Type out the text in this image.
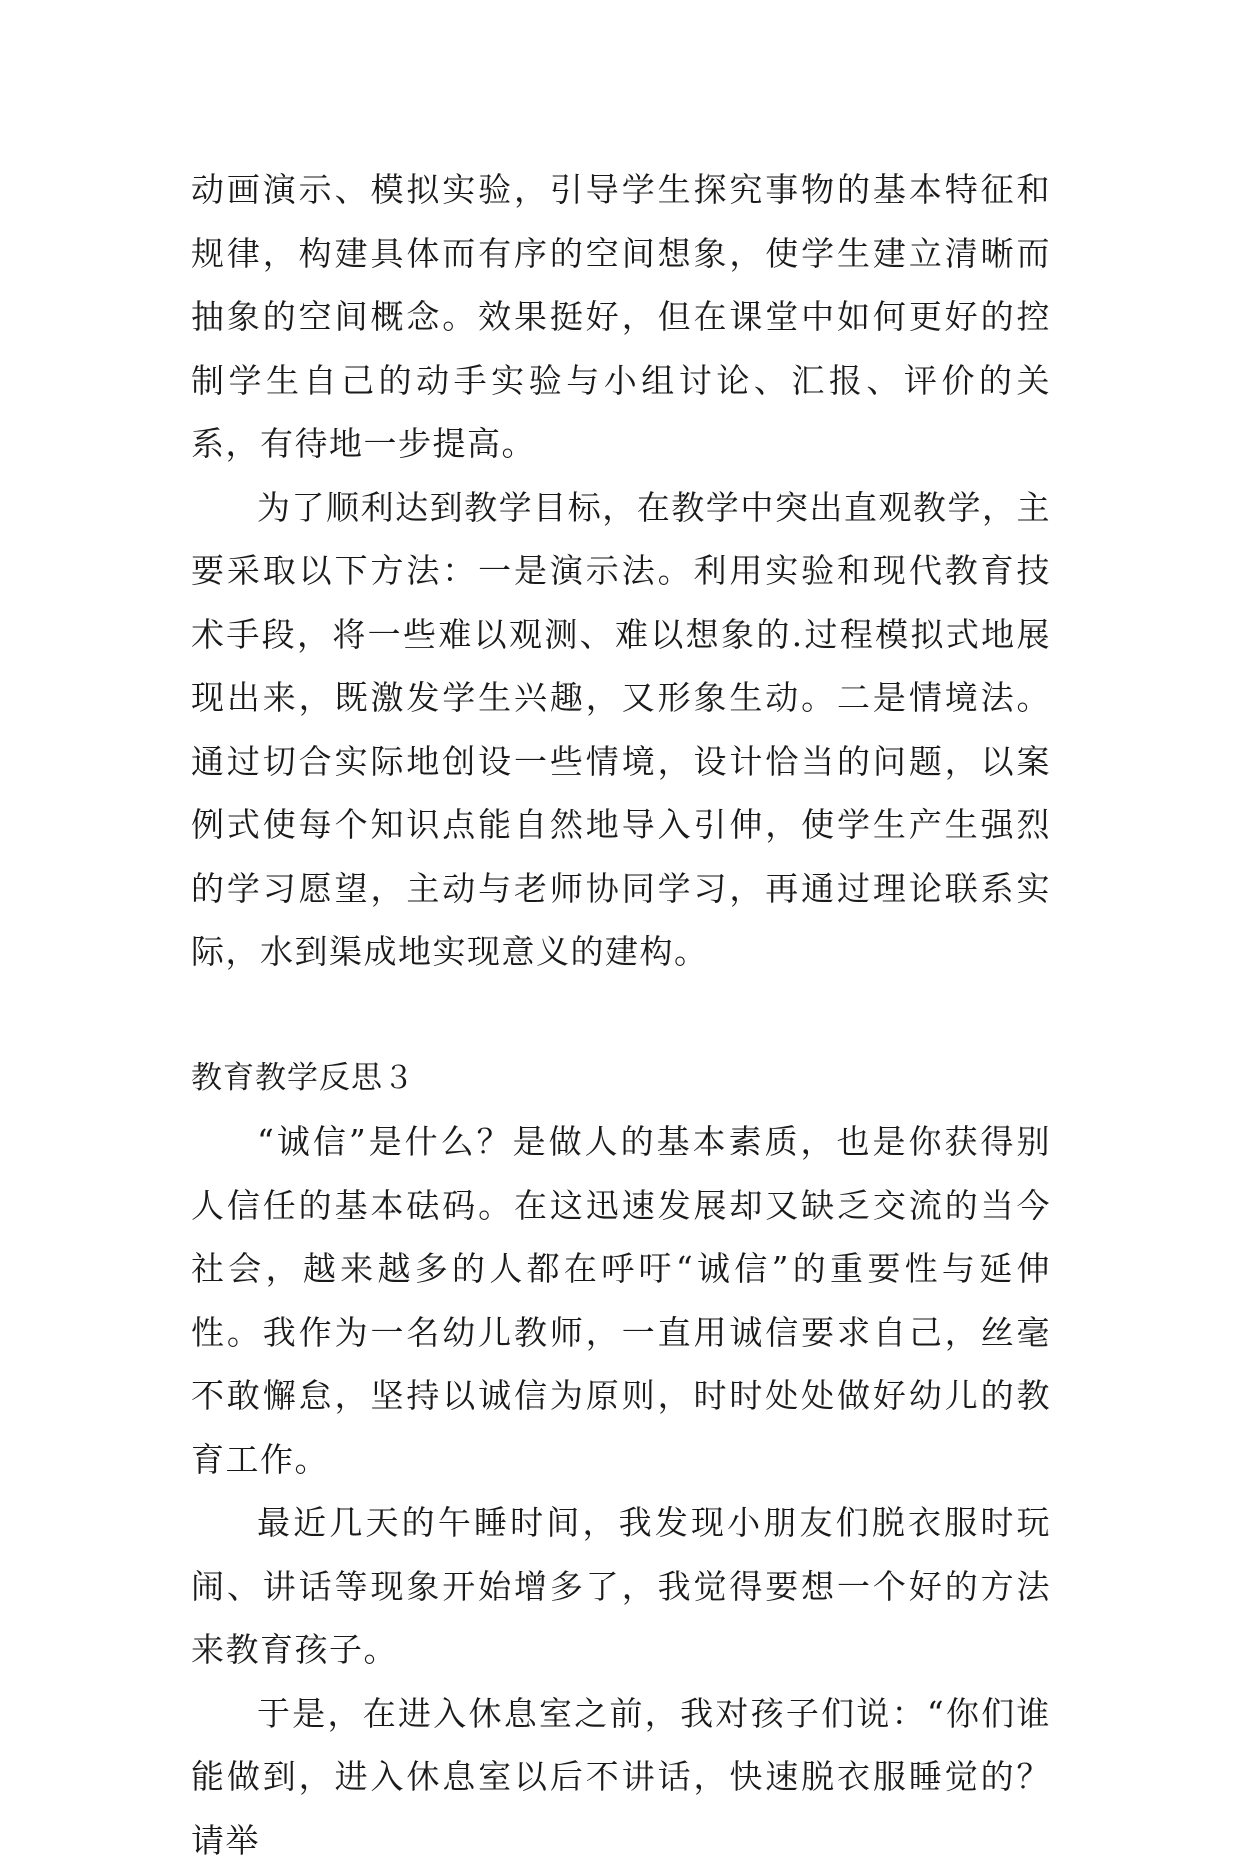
动画演示、模拟实验，引导学生探究事物的基本特征和规律，构建具体而有序的空间想象，使学生建立清晰而抽象的空间概念。效果挺好，但在课堂中如何更好的控制学生自己的动手实验与小组讨论、汇报、评价的关系，有待地一步提高。

为了顺利达到教学目标，在教学中突出直观教学，主要采取以下方法：一是演示法。利用实验和现代教育技术手段，将一些难以观测、难以想象的.过程模拟式地展现出来，既激发学生兴趣，又形象生动。二是情境法。通过切合实际地创设一些情境，设计恰当的问题，以案例式使每个知识点能自然地导入引伸，使学生产生强烈的学习愿望，主动与老师协同学习，再通过理论联系实际，水到渠成地实现意义的建构。

教育教学反思３

“诚信”是什么？是做人的基本素质，也是你获得别人信任的基本砝码。在这迅速发展却又缺乏交流的当今社会，越来越多的人都在呼吁“诚信”的重要性与延伸性。我作为一名幼儿教师，一直用诚信要求自己，丝毫不敢懈怠，坚持以诚信为原则，时时处处做好幼儿的教育工作。

最近几天的午睡时间，我发现小朋友们脱衣服时玩闹、讲话等现象开始增多了，我觉得要想一个好的方法来教育孩子。

于是，在进入休息室之前，我对孩子们说：“你们谁能做到，进入休息室以后不讲话，快速脱衣服睡觉的？请举
